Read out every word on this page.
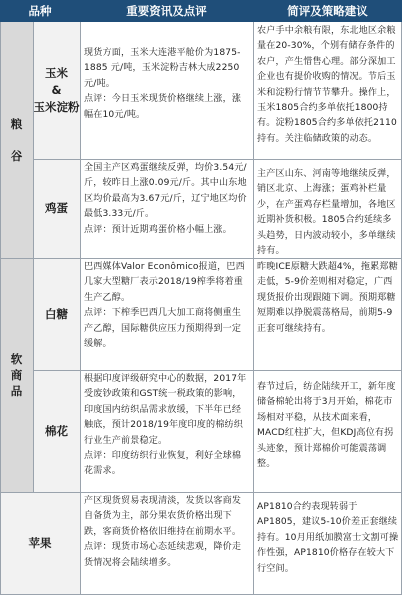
品种	重要资讯及点评	简评及策略建议
粮

谷
软
商
品
玉米
&
玉米淀粉
鸡蛋
白糖
棉花
苹果
现货方面，玉米大连港平舱价为1875-1885 元/吨，玉米淀粉吉林大成2250元/吨。
点评：今日玉米现货价格继续上涨，涨幅在10元/吨。
全国主产区鸡蛋继续反弹，均价3.54元/斤，较昨日上涨0.09元/斤。其中山东地区均价最高为3.67元/斤，辽宁地区均价最低3.33元/斤。
点评：预计近期鸡蛋价格小幅上涨。
巴西媒体Valor Econômico报道，巴西几家大型糖厂表示2018/19榨季将着重生产乙醇。
点评：下榨季巴西几大加工商将侧重生产乙醇，国际糖供应压力预期得到一定缓解。
根据印度评级研究中心的数据，2017年受废钞政策和GST统一税政策的影响，印度国内纺织品需求放缓，下半年已经触底，预计2018/19年度印度的棉纺织行业生产前景稳定。
点评：印度纺织行业恢复，利好全球棉花需求。
产区现货贸易表现清淡，发货以客商发自备货为主，部分果农货价格出现下跌，客商货价格依旧维持在前期水平。
点评：现货市场心态延续悲观，降价走货情况将会陆续增多。
农户手中余粮有限，东北地区余粮量在20-30%，个别有储存条件的农户，产生惜售心理。部分深加工企业也有提价收购的情况。节后玉米和淀粉行情节节攀升。操作上，玉米1805合约多单依托1800持有。淀粉1805合约多单依托2110持有。关注临储政策的动态。
主产区山东、河南等地继续反弹，销区北京、上海涨；蛋鸡补栏量少，在产蛋鸡存栏量增加，各地区近期补货积极。1805合约延续多头趋势，日内波动较小，多单继续持有。
昨晚ICE原糖大跌超4%，拖累郑糖走低，5-9价差则相对稳定，广西现货报价出现跟随下调。预期郑糖短期难以挣脱震荡格局，前期5-9正套可继续持有。
春节过后，纺企陆续开工，新年度储备棉轮出将于3月开始，棉花市场相对平稳，从技术面来看，MACD红柱扩大，但KDJ高位有拐头迹象，预计郑棉价可能震荡调整。
AP1810合约表现转弱于AP1805，建议5-10价差正套继续持有。10月用纸加膜富士文割可操作性强，AP1810价格存在较大下行空间。
